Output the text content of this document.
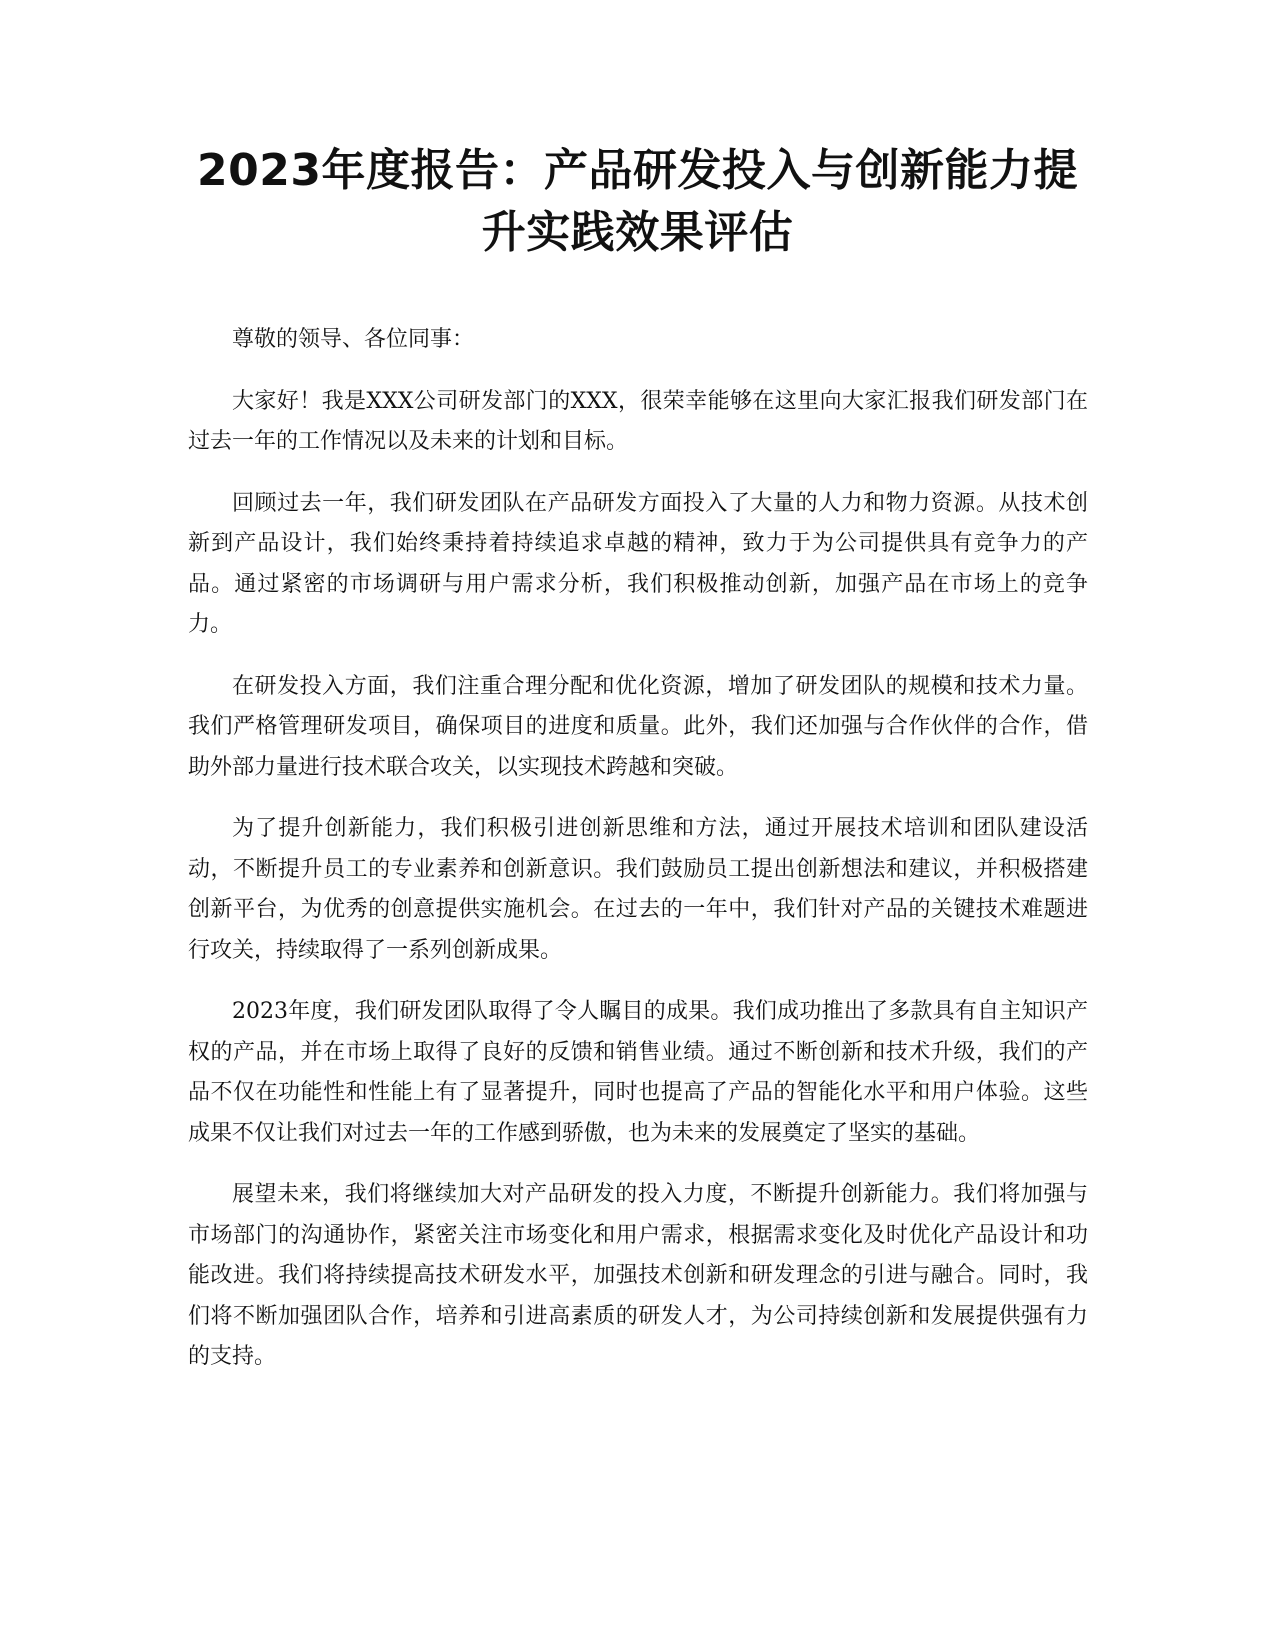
2023年度报告：产品研发投入与创新能力提升实践效果评估

尊敬的领导、各位同事：

大家好！我是XXX公司研发部门的XXX，很荣幸能够在这里向大家汇报我们研发部门在过去一年的工作情况以及未来的计划和目标。

回顾过去一年，我们研发团队在产品研发方面投入了大量的人力和物力资源。从技术创新到产品设计，我们始终秉持着持续追求卓越的精神，致力于为公司提供具有竞争力的产品。通过紧密的市场调研与用户需求分析，我们积极推动创新，加强产品在市场上的竞争力。

在研发投入方面，我们注重合理分配和优化资源，增加了研发团队的规模和技术力量。我们严格管理研发项目，确保项目的进度和质量。此外，我们还加强与合作伙伴的合作，借助外部力量进行技术联合攻关，以实现技术跨越和突破。

为了提升创新能力，我们积极引进创新思维和方法，通过开展技术培训和团队建设活动，不断提升员工的专业素养和创新意识。我们鼓励员工提出创新想法和建议，并积极搭建创新平台，为优秀的创意提供实施机会。在过去的一年中，我们针对产品的关键技术难题进行攻关，持续取得了一系列创新成果。

2023年度，我们研发团队取得了令人瞩目的成果。我们成功推出了多款具有自主知识产权的产品，并在市场上取得了良好的反馈和销售业绩。通过不断创新和技术升级，我们的产品不仅在功能性和性能上有了显著提升，同时也提高了产品的智能化水平和用户体验。这些成果不仅让我们对过去一年的工作感到骄傲，也为未来的发展奠定了坚实的基础。

展望未来，我们将继续加大对产品研发的投入力度，不断提升创新能力。我们将加强与市场部门的沟通协作，紧密关注市场变化和用户需求，根据需求变化及时优化产品设计和功能改进。我们将持续提高技术研发水平，加强技术创新和研发理念的引进与融合。同时，我们将不断加强团队合作，培养和引进高素质的研发人才，为公司持续创新和发展提供强有力的支持。
